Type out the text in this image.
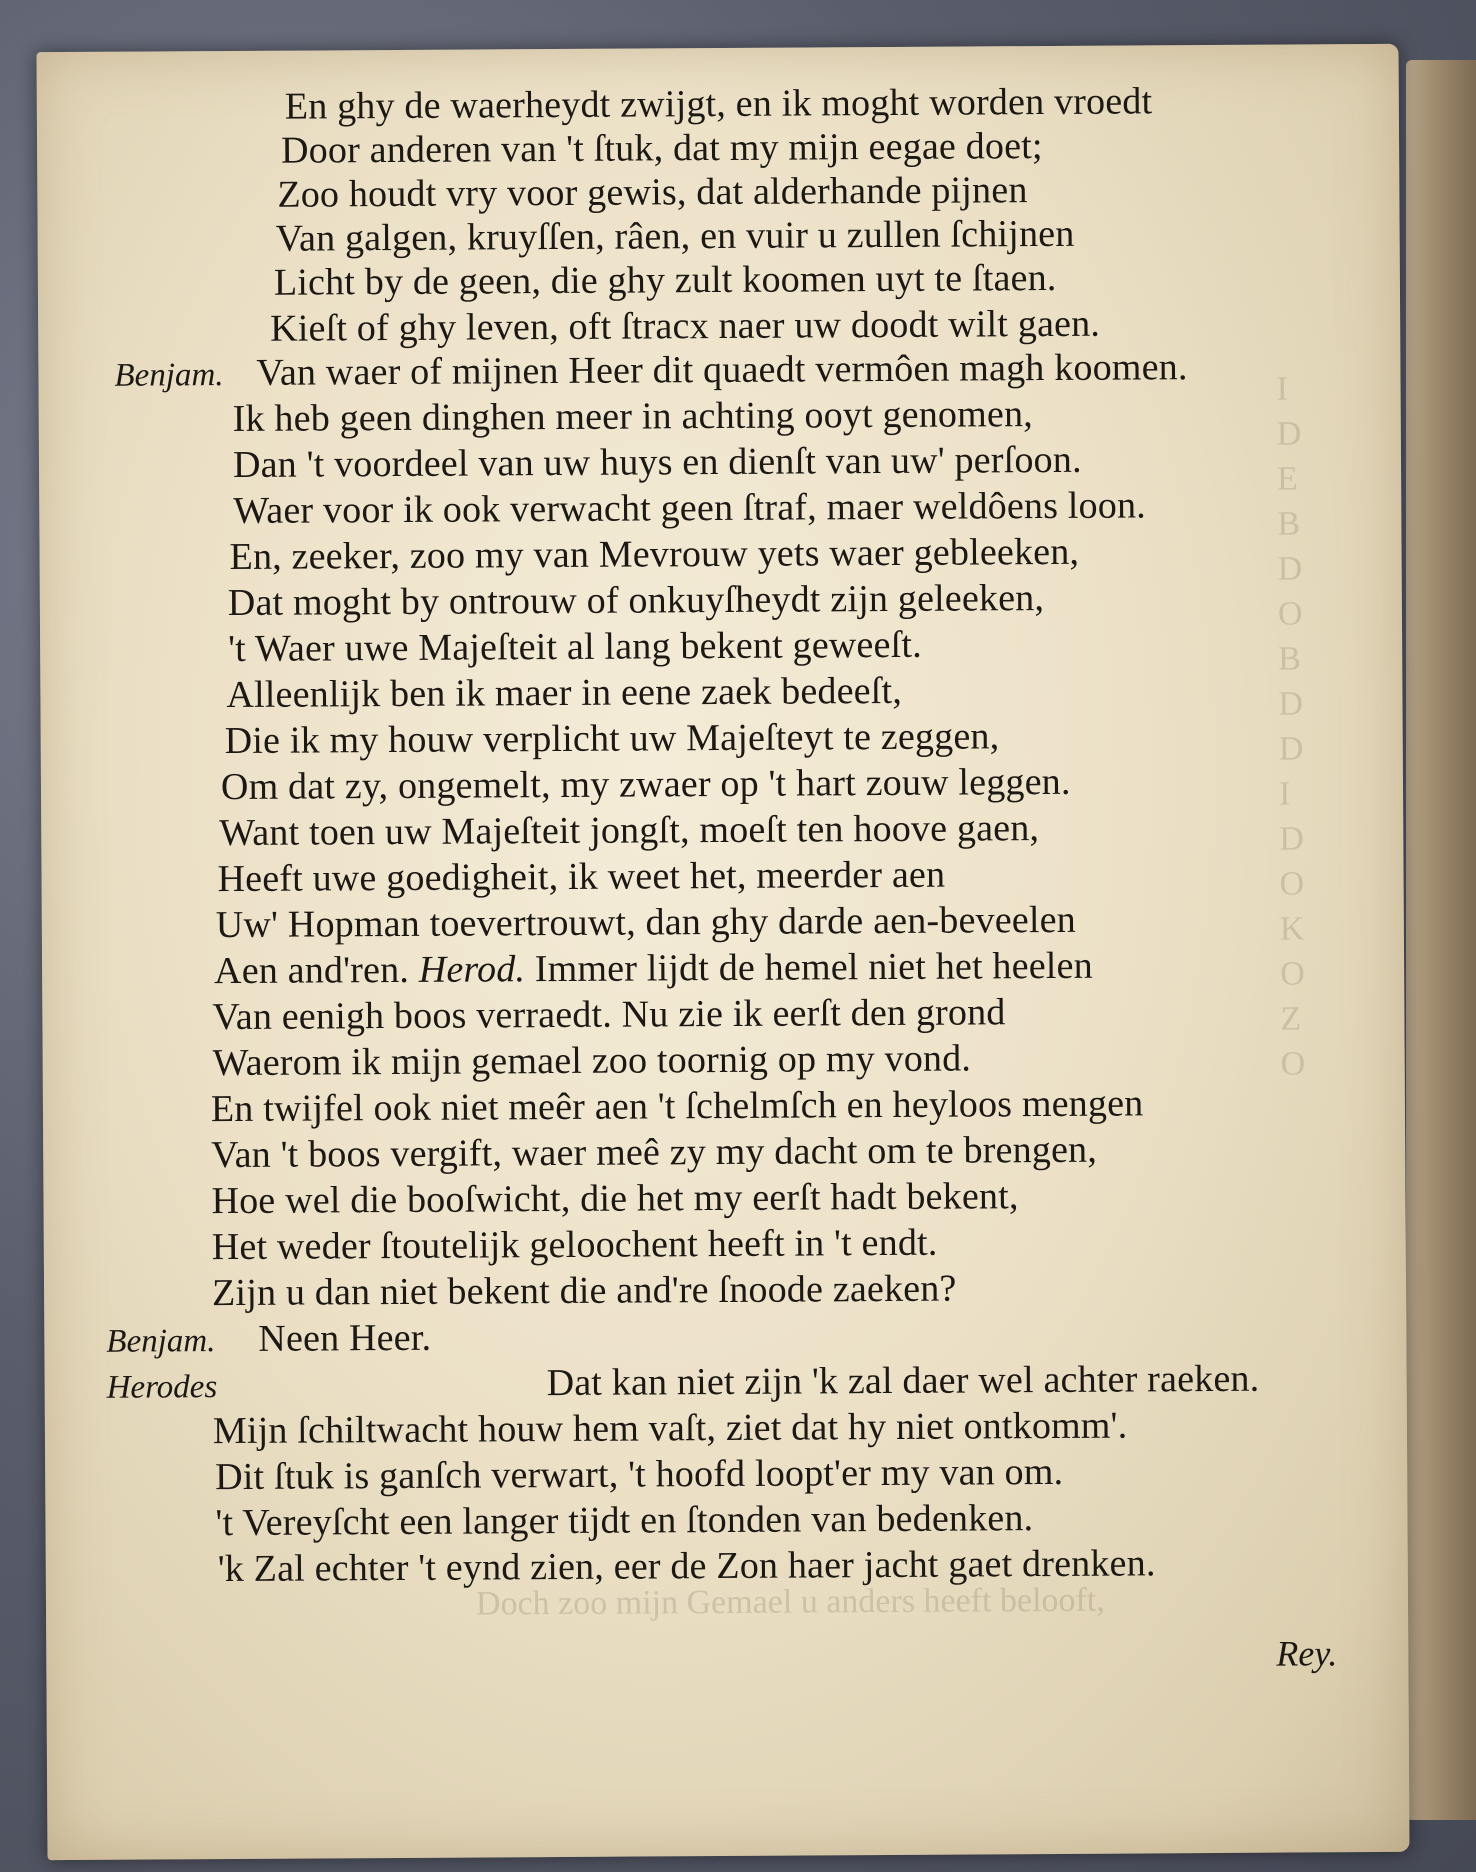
I
D
E
B
D
O
B
D
D
I
D
O
K
O
Z
O
Doch zoo mijn Gemael u anders heeft belooft,
En ghy de waerheydt zwijgt, en ik moght worden vroedt
Door anderen van 't ſtuk, dat my mijn eegae doet;
Zoo houdt vry voor gewis, dat alderhande pijnen
Van galgen, kruyſſen, râen, en vuir u zullen ſchijnen
Licht by de geen, die ghy zult koomen uyt te ſtaen.
Kieſt of ghy leven, oft ſtracx naer uw doodt wilt gaen.
Benjam. Van waer of mijnen Heer dit quaedt vermôen magh koomen.
Ik heb geen dinghen meer in achting ooyt genomen,
Dan 't voordeel van uw huys en dienſt van uw' perſoon.
Waer voor ik ook verwacht geen ſtraf, maer weldôens loon.
En, zeeker, zoo my van Mevrouw yets waer gebleeken,
Dat moght by ontrouw of onkuyſheydt zijn geleeken,
't Waer uwe Majeſteit al lang bekent geweeſt.
Alleenlijk ben ik maer in eene zaek bedeeſt,
Die ik my houw verplicht uw Majeſteyt te zeggen,
Om dat zy, ongemelt, my zwaer op 't hart zouw leggen.
Want toen uw Majeſteit jongſt, moeſt ten hoove gaen,
Heeft uwe goedigheit, ik weet het, meerder aen
Uw' Hopman toevertrouwt, dan ghy darde aen-beveelen
Aen and'ren. Herod. Immer lijdt de hemel niet het heelen
Van eenigh boos verraedt. Nu zie ik eerſt den grond
Waerom ik mijn gemael zoo toornig op my vond.
En twijfel ook niet meêr aen 't ſchelmſch en heyloos mengen
Van 't boos vergift, waer meê zy my dacht om te brengen,
Hoe wel die booſwicht, die het my eerſt hadt bekent,
Het weder ſtoutelijk geloochent heeft in 't endt.
Zijn u dan niet bekent die and're ſnoode zaeken?
Benjam. Neen Heer.
Herodes	Dat kan niet zijn 'k zal daer wel achter raeken.
Mijn ſchiltwacht houw hem vaſt, ziet dat hy niet ontkomm'.
Dit ſtuk is ganſch verwart, 't hoofd loopt'er my van om.
't Vereyſcht een langer tijdt en ſtonden van bedenken.
'k Zal echter 't eynd zien, eer de Zon haer jacht gaet drenken.
Rey.
